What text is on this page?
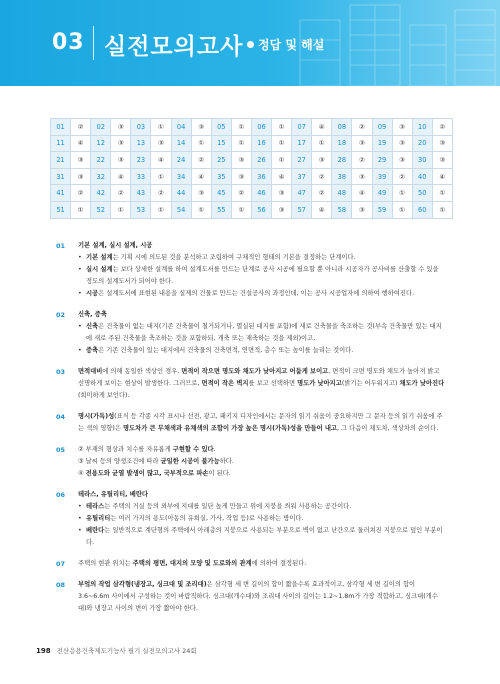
03 실전모의고사 정답 및 해설
01	②	02	③	03	①	04	③	05	①	06	①	07	④	08	②	09	③	10	②
11	④	12	③	13	③	14	①	15	①	16	①	17	①	18	③	19	③	20	③
21	③	22	③	23	④	24	②	25	③	26	①	27	③	28	②	29	③	30	③
31	③	32	④	33	①	34	④	35	③	36	④	37	②	38	③	39	②	40	④
41	②	42	②	43	②	44	③	45	②	46	③	47	②	48	④	49	①	50	①
51	①	52	①	53	①	54	①	55	①	56	③	57	④	58	③	59	①	60	①
01	기본 설계, 실시 설계, 시공
• 기본 설계는 기획 시에 의도된 것을 분석하고 조립하여 구체적인 형태의 기본을 결정하는 단계이다.
• 실시 설계는 보다 상세한 설계를 하여 설계도서를 만드는 단계로 공사 시공에 필요할 뿐 아니라 시공자가 공사비를 산출할 수 있을 정도의 설계도서가 되어야 한다.
• 시공은 설계도서에 표현된 내용을 실제의 건물로 만드는 건설공사의 과정인데, 이는 공사 시공업자에 의하여 행하여진다.
02	신축, 증축
• 신축은 건축물이 없는 대지(기존 건축물이 철거되거나, 멸실된 대지를 포함)에 새로 건축물을 축조하는 것(부속 건축물만 있는 대지에 새로 주된 건축물을 축조하는 것을 포함하되, 개축 또는 재축하는 것을 제외)이고,
• 증축은 기존 건축물이 있는 대지에서 건축물의 건축면적, 연면적, 층수 또는 높이를 늘리는 것이다.
03	면적대비에 의해 동일한 색상인 경우, 면적이 작으면 명도와 채도가 낮아지고 어둡게 보이고, 면적이 크면 명도와 채도가 높아져 밝고 선명하게 보이는 현상이 발생한다. 그러므로, 면적이 작은 벽지를 보고 선택하면 명도가 낮아지고(밝기는 어두워지고) 채도가 낮아진다(희미하게 보인다).
04	명시(가독)성(표식 등 각종 시각 표시나 선전, 광고, 패키지 디자인에서는 문자의 읽기 쉬움이 중요하지만 그 문자 등의 읽기 쉬움에 주는 색의 영향)은 명도차가 큰 무채색과 유채색의 조합이 가장 높은 명시(가독)성을 만들어 내고, 그 다음이 채도차, 색상차의 순이다.
05	② 부재의 형상과 치수를 자유롭게 구현할 수 있다.
③ 날씨 등의 양생조건에 따라 균일한 시공이 불가능하다.
④ 전용도와 균열 발생이 많고, 국부적으로 파손이 된다.
06	테라스, 유틸리티, 베란다
• 테라스는 주택의 거실 등의 외부에 지대를 일단 높게 만들고 위에 지붕을 씌워 사용하는 공간이다.
• 유틸리티는 여러 가지의 용도(아동의 유희실, 가사, 작업 등)로 사용하는 방이다.
• 베란다는 일반적으로 계단형의 주택에서 아래층의 지붕으로 사용되는 부분으로 벽이 없고 난간으로 둘러쳐진 지붕으로 덮인 부분이다.
07	주택의 현관 위치는 주택의 평면, 대지의 모양 및 도로와의 관계에 의하여 결정된다.
08	부엌의 작업 삼각형(냉장고, 싱크대 및 조리대)은 삼각형 세 변 길이의 합이 짧을수록 효과적이고, 삼각형 세 변 길이의 합이 3.6~6.6m 사이에서 구성하는 것이 바람직하다. 싱크대(개수대)와 조리대 사이의 길이는 1.2~1.8m가 가장 적합하고, 싱크대(개수대)와 냉장고 사이의 변이 가장 짧아야 한다.
198 전산응용건축제도기능사 필기 실전모의고사 24회
